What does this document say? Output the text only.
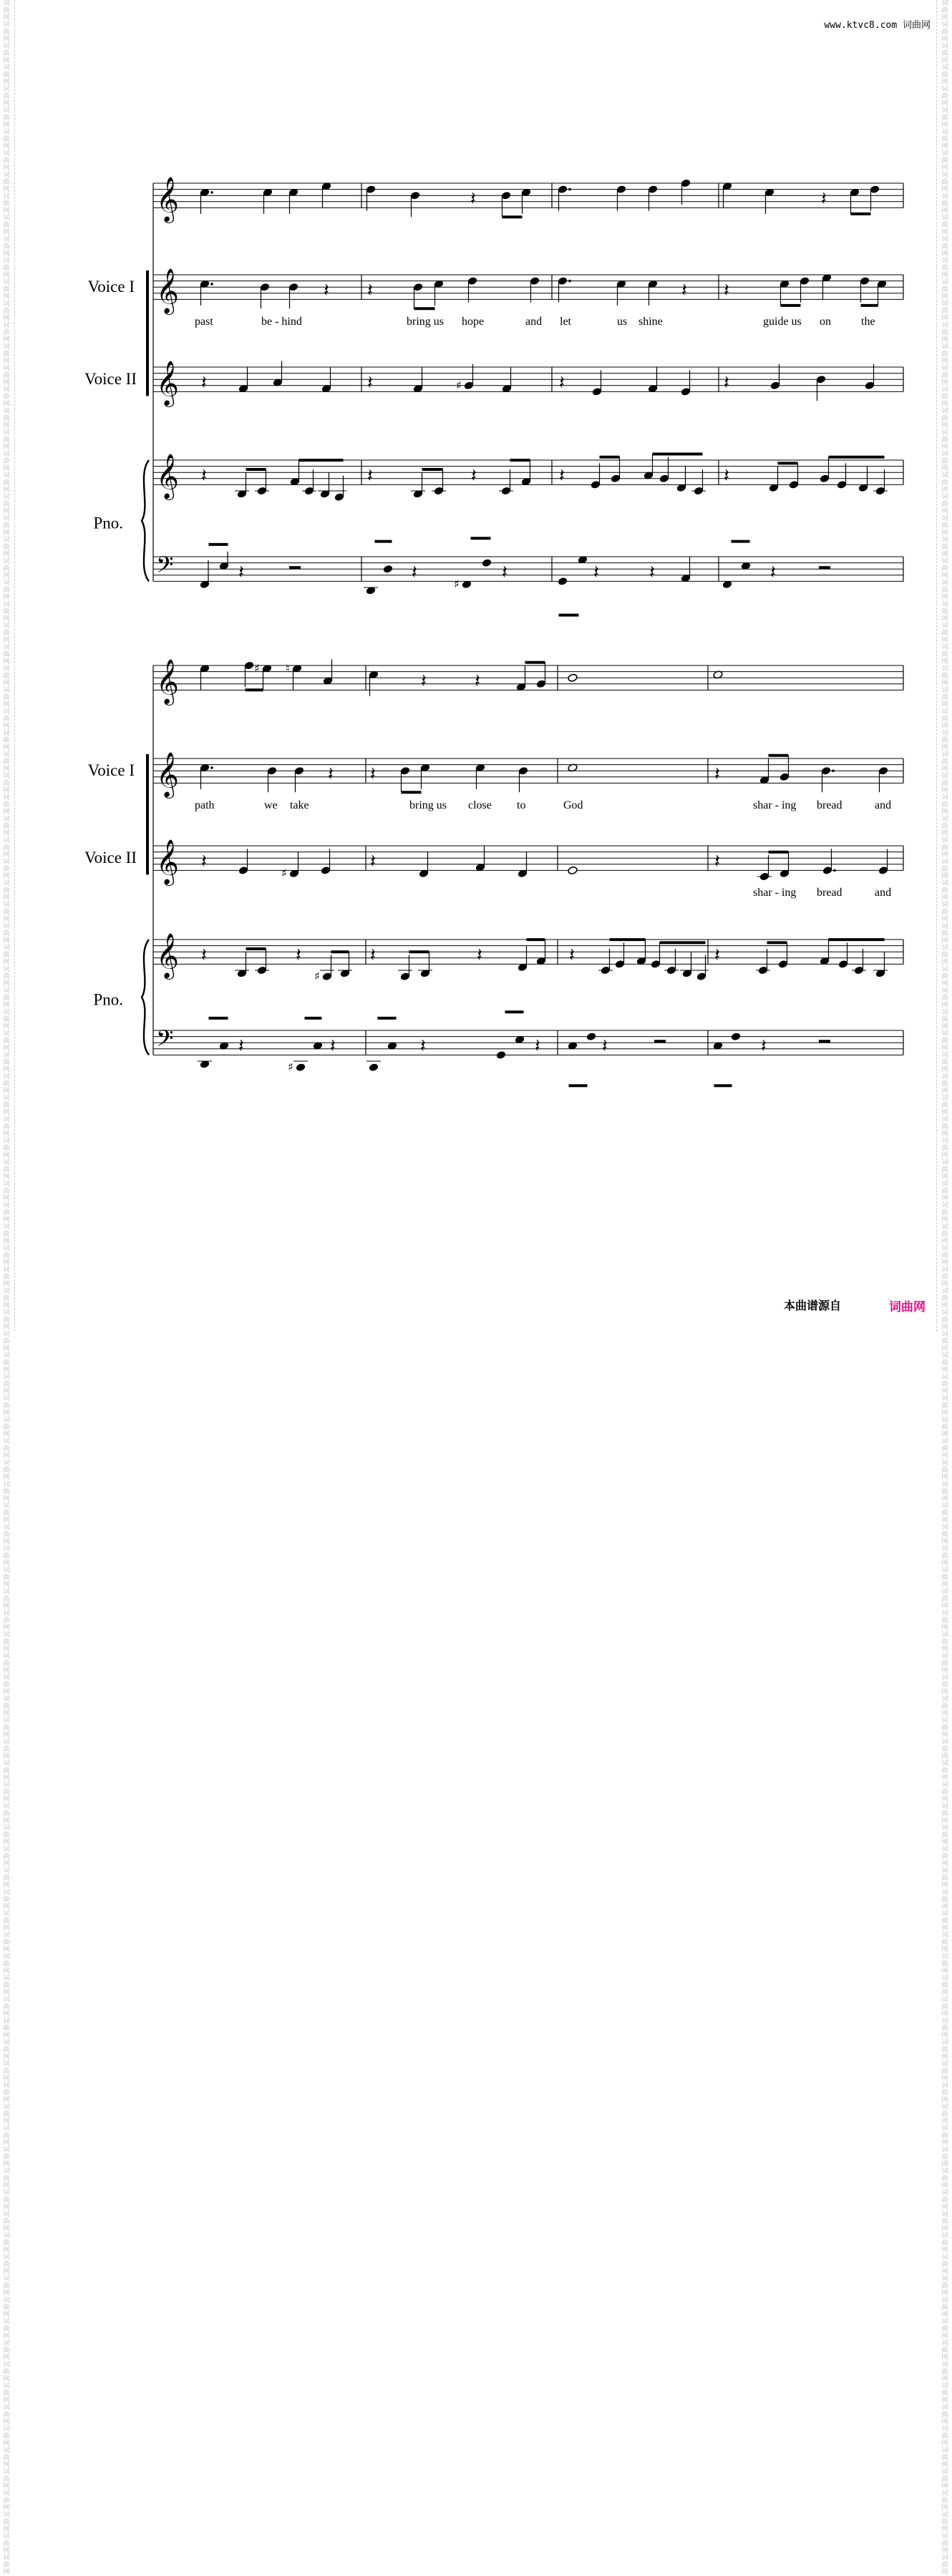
词曲网词曲网词曲网词曲网词曲网词曲网词曲网词曲网词曲网词曲网词曲网词曲网词曲网词曲网词曲网词曲网词曲网词曲网词曲网词曲网词曲网词曲网词曲网词曲网词曲网词曲网词曲网词曲网词曲网词曲网词曲网词曲网词曲网词曲网词曲网词曲网词曲网词曲网词曲网词曲网词曲网词曲网词曲网词曲网词曲网词曲网词曲网词曲网词曲网词曲网词曲网词曲网词曲网词曲网词曲网词曲网词曲网词曲网词曲网词曲网词曲网词曲网词曲网词曲网词曲网词曲网词曲网词曲网词曲网词曲网词曲网词曲网词曲网词曲网词曲网词曲网词曲网词曲网词曲网词曲网词曲网词曲网词曲网词曲网词曲网词曲网词曲网词曲网词曲网词曲网词曲网词曲网词曲网词曲网词曲网词曲网词曲网词曲网词曲网词曲网词曲网词曲网词曲网词曲网词曲网词曲网词曲网词曲网词曲网词曲网词曲网词曲网词曲网词曲网词曲网词曲网词曲网词曲网词曲网词曲网
词曲网词曲网词曲网词曲网词曲网词曲网词曲网词曲网词曲网词曲网词曲网词曲网词曲网词曲网词曲网词曲网词曲网词曲网词曲网词曲网词曲网词曲网词曲网词曲网词曲网词曲网词曲网词曲网词曲网词曲网词曲网词曲网词曲网词曲网词曲网词曲网词曲网词曲网词曲网词曲网词曲网词曲网词曲网词曲网词曲网词曲网词曲网词曲网词曲网词曲网词曲网词曲网词曲网词曲网词曲网词曲网词曲网词曲网词曲网词曲网词曲网词曲网词曲网词曲网词曲网词曲网词曲网词曲网词曲网词曲网词曲网词曲网词曲网词曲网词曲网词曲网词曲网词曲网词曲网词曲网词曲网词曲网词曲网词曲网词曲网词曲网词曲网词曲网词曲网词曲网词曲网词曲网词曲网词曲网词曲网词曲网词曲网词曲网词曲网词曲网词曲网词曲网词曲网词曲网词曲网词曲网词曲网词曲网词曲网词曲网词曲网词曲网词曲网词曲网词曲网词曲网词曲网词曲网词曲网词曲网
www.ktvc8.com 词曲网
𝄞
𝄞
𝄞
𝄞
𝄢
Voice I
Voice II
Pno.
𝄽	𝄽
𝄽 𝄽	𝄽 𝄽
past	be - hind	bring us hope	and let	us shine	guide us on	the
𝄽	𝄽	♯	𝄽	𝄽
𝄽	𝄽	𝄽	𝄽	𝄽
𝄽	𝄽
♯
𝄽	𝄽	𝄽	𝄽
𝄞
𝄞
𝄞
𝄞
𝄢
Voice I
Voice II
Pno.
♯ ♮
𝄽	𝄽
𝄽 𝄽	𝄽
path	we take	bring us close to	God	shar - ing bread	and
𝄽
♯
𝄽	𝄽
shar - ing bread	and
𝄽	𝄽
♯
𝄽	𝄽	𝄽	𝄽
𝄽
♯
𝄽	𝄽	𝄽	𝄽	𝄽
本曲谱源自	词曲网
